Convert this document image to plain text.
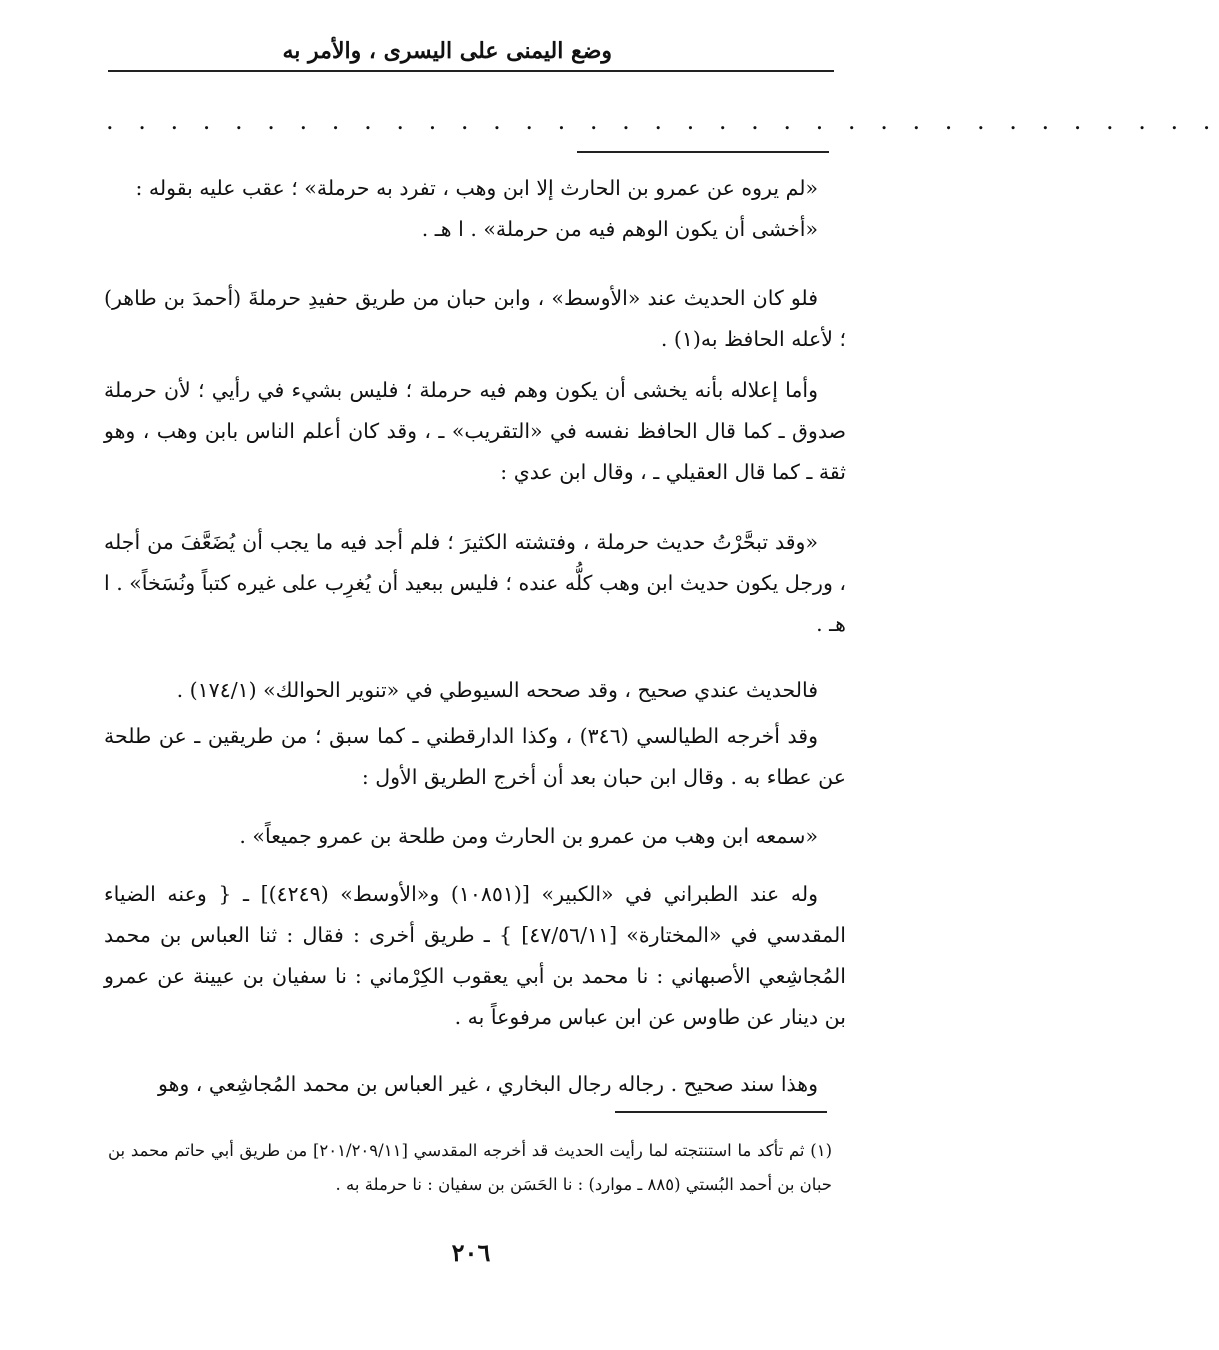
وضع اليمنى على اليسرى ، والأمر به
. . . . . . . . . . . . . . . . . . . . . . . . . . . . . . . . . . .

«لم يروه عن عمرو بن الحارث إلا ابن وهب ، تفرد به حرملة» ؛ عقب عليه بقوله :

«أخشى أن يكون الوهم فيه من حرملة» . ا هـ .

فلو كان الحديث عند «الأوسط» ، وابن حبان من طريق حفيدِ حرملةَ (أحمدَ بن طاهر) ؛ لأعله الحافظ به(١) .

وأما إعلاله بأنه يخشى أن يكون وهم فيه حرملة ؛ فليس بشيء في رأيي ؛ لأن حرملة صدوق ـ كما قال الحافظ نفسه في «التقريب» ـ ، وقد كان أعلم الناس بابن وهب ، وهو ثقة ـ كما قال العقيلي ـ ، وقال ابن عدي :

«وقد تبحَّرْتُ حديث حرملة ، وفتشته الكثيرَ ؛ فلم أجد فيه ما يجب أن يُضَعَّفَ من أجله ، ورجل يكون حديث ابن وهب كلُّه عنده ؛ فليس ببعيد أن يُغرِب على غيره كتباً ونُسَخاً» . ا هـ .

فالحديث عندي صحيح ، وقد صححه السيوطي في «تنوير الحوالك» (١٧٤/١) .

وقد أخرجه الطيالسي (٣٤٦) ، وكذا الدارقطني ـ كما سبق ؛ من طريقين ـ عن طلحة عن عطاء به . وقال ابن حبان بعد أن أخرج الطريق الأول :

«سمعه ابن وهب من عمرو بن الحارث ومن طلحة بن عمرو جميعاً» .

وله عند الطبراني في «الكبير» [(١٠٨٥١) و«الأوسط» (٤٢٤٩)] ـ { وعنه الضياء المقدسي في «المختارة» [٤٧/٥٦/١١] } ـ طريق أخرى : فقال : ثنا العباس بن محمد المُجاشِعي الأصبهاني : نا محمد بن أبي يعقوب الكِرْماني : نا سفيان بن عيينة عن عمرو بن دينار عن طاوس عن ابن عباس مرفوعاً به .

وهذا سند صحيح . رجاله رجال البخاري ، غير العباس بن محمد المُجاشِعي ، وهو

(١) ثم تأكد ما استنتجته لما رأيت الحديث قد أخرجه المقدسي [٢٠١/٢٠٩/١١] من طريق أبي حاتم محمد بن حبان بن أحمد البُستي (٨٨٥ ـ موارد) : نا الحَسَن بن سفيان : نا حرملة به .

٢٠٦
